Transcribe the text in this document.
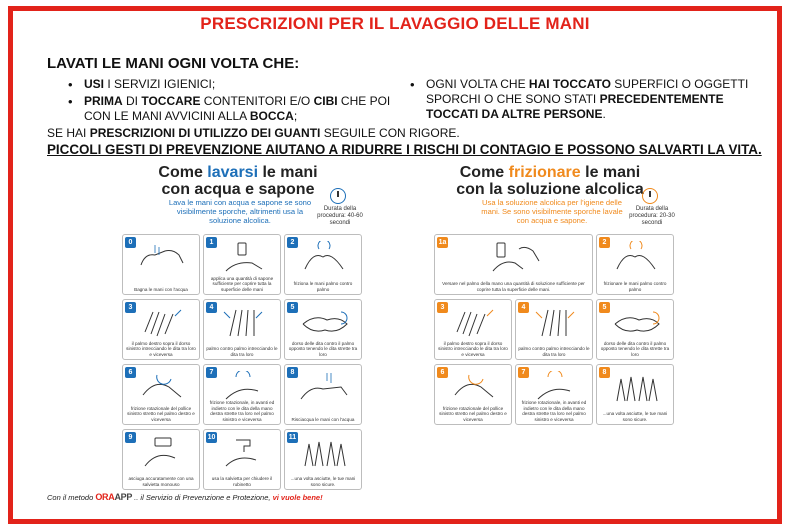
PRESCRIZIONI PER IL LAVAGGIO DELLE MANI
LAVATI LE MANI OGNI VOLTA CHE:
• USI I SERVIZI IGIENICI;
• PRIMA DI TOCCARE CONTENITORI E/O CIBI CHE POI CON LE MANI AVVICINI ALLA BOCCA;
• OGNI VOLTA CHE HAI TOCCATO SUPERFICI O OGGETTI SPORCHI O CHE SONO STATI PRECEDENTEMENTE TOCCATI DA ALTRE PERSONE.
SE HAI PRESCRIZIONI DI UTILIZZO DEI GUANTI SEGUILE CON RIGORE.
PICCOLI GESTI DI PREVENZIONE AIUTANO A RIDURRE I RISCHI DI CONTAGIO E POSSONO SALVARTI LA VITA.
Come lavarsi le mani
con acqua e sapone
Lava le mani con acqua e sapone se sono visibilmente sporche, altrimenti usa la soluzione alcolica.
Durata della procedura: 40-60 secondi
0
Bagna le mani con l'acqua
1
applica una quantità di sapone sufficiente per coprire tutta la superficie delle mani
2
friziona le mani palmo contro palmo
3
il palmo destro sopra il dorso sinistro intrecciando le dita tra loro e viceversa
4
palmo contro palmo intrecciando le dita tra loro
5
dorso delle dita contro il palmo opposto tenendo le dita strette tra loro
6
frizione rotazionale del pollice sinistro stretto nel palmo destro e viceversa
7
frizione rotazionale, in avanti ed indietro con le dita della mano destra strette tra loro nel palmo sinistro e viceversa
8
Risciacqua le mani con l'acqua
9
asciuga accuratamente con una salvietta monouso
10
usa la salvietta per chiudere il rubinetto
11
...una volta asciutte, le tue mani sono sicure.
Come frizionare le mani
con la soluzione alcolica
Usa la soluzione alcolica per l'igiene delle mani. Se sono visibilmente sporche lavale con acqua e sapone.
Durata della procedura: 20-30 secondi
1a
Versare nel palmo della mano una quantità di soluzione sufficiente per coprire tutta la superficie delle mani.
2
frizionare le mani palmo contro palmo
3
il palmo destro sopra il dorso sinistro intrecciando le dita tra loro e viceversa
4
palmo contro palmo intrecciando le dita tra loro
5
dorso delle dita contro il palmo opposto tenendo le dita strette tra loro
6
frizione rotazionale del pollice sinistro stretto nel palmo destro e viceversa
7
frizione rotazionale, in avanti ed indietro con le dita della mano destra strette tra loro nel palmo sinistro e viceversa
8
...una volta asciutte, le tue mani sono sicure.
Con il metodo ORAAPP .. il Servizio di Prevenzione e Protezione, vi vuole bene!
